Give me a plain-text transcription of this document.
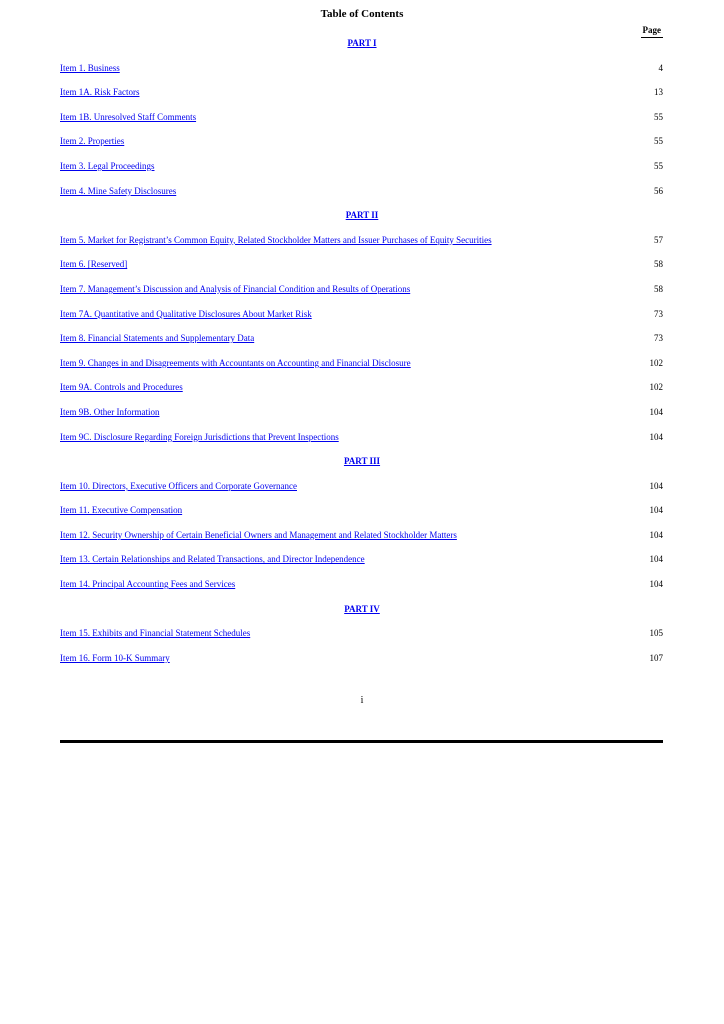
Table of Contents
Page
PART I
Item 1. Business	4
Item 1A. Risk Factors	13
Item 1B. Unresolved Staff Comments	55
Item 2. Properties	55
Item 3. Legal Proceedings	55
Item 4. Mine Safety Disclosures	56
PART II
Item 5. Market for Registrant’s Common Equity, Related Stockholder Matters and Issuer Purchases of Equity Securities	57
Item 6. [Reserved]	58
Item 7. Management’s Discussion and Analysis of Financial Condition and Results of Operations	58
Item 7A. Quantitative and Qualitative Disclosures About Market Risk	73
Item 8. Financial Statements and Supplementary Data	73
Item 9. Changes in and Disagreements with Accountants on Accounting and Financial Disclosure	102
Item 9A. Controls and Procedures	102
Item 9B. Other Information	104
Item 9C. Disclosure Regarding Foreign Jurisdictions that Prevent Inspections	104
PART III
Item 10. Directors, Executive Officers and Corporate Governance	104
Item 11. Executive Compensation	104
Item 12. Security Ownership of Certain Beneficial Owners and Management and Related Stockholder Matters	104
Item 13. Certain Relationships and Related Transactions, and Director Independence	104
Item 14. Principal Accounting Fees and Services	104
PART IV
Item 15. Exhibits and Financial Statement Schedules	105
Item 16. Form 10-K Summary	107
i
